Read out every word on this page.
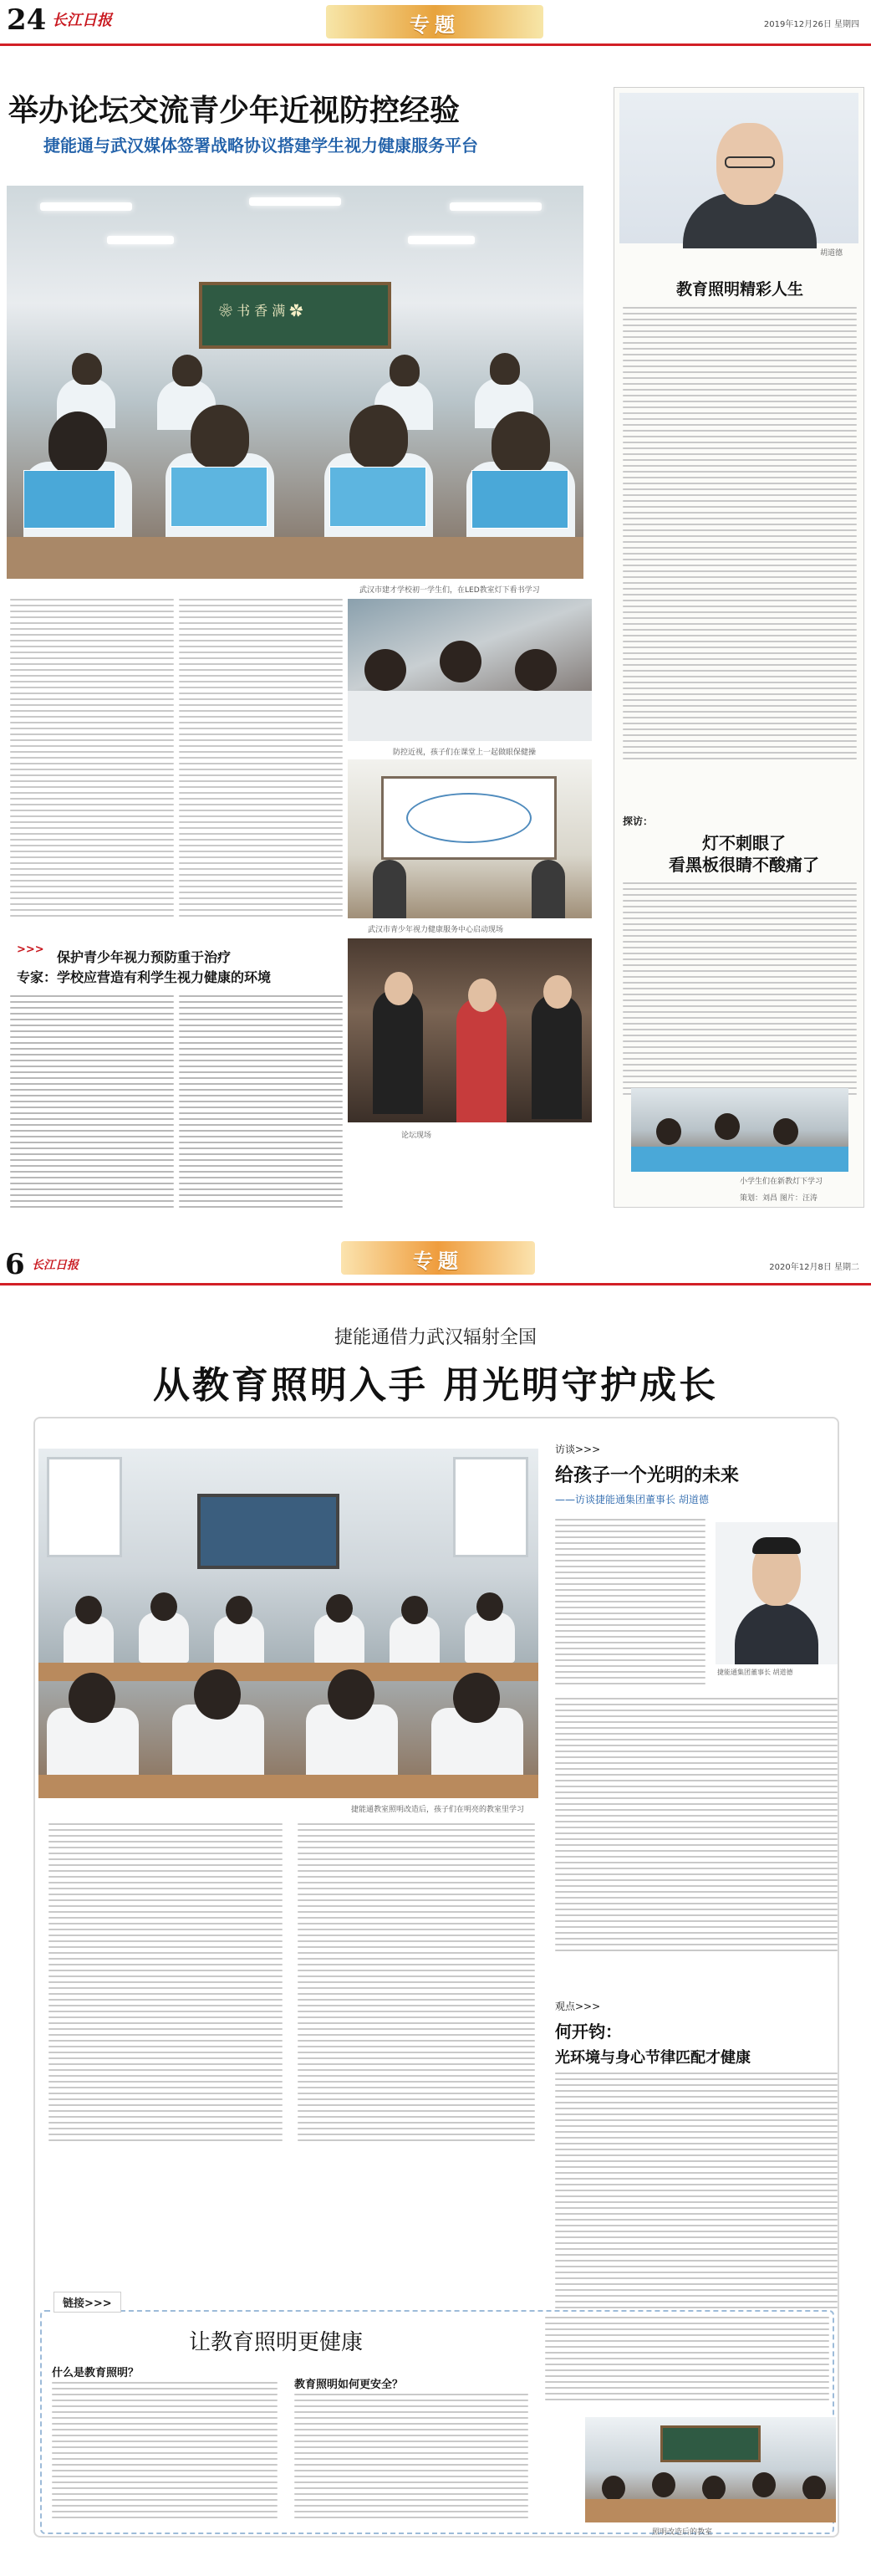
24 长江日报	专题	2019年12月26日 星期四
举办论坛交流青少年近视防控经验
捷能通与武汉媒体签署战略协议搭建学生视力健康服务平台
❀ 书 香 满 ✿
武汉市建才学校初一学生们，在LED教室灯下看书学习
防控近视，孩子们在课堂上一起做眼保健操
武汉市青少年视力健康服务中心启动现场
论坛现场
>>> 保护青少年视力预防重于治疗
专家：学校应营造有利学生视力健康的环境
胡道德
教育照明精彩人生
探访：
灯不刺眼了
看黑板很睛不酸痛了
小学生们在新教灯下学习
策划：刘昌 图片：汪涛
6 长江日报	专题	2020年12月8日 星期二
捷能通借力武汉辐射全国
从教育照明入手 用光明守护成长
捷能通教室照明改造后，孩子们在明亮的教室里学习
访谈>>>
给孩子一个光明的未来
——访谈捷能通集团董事长 胡道德
捷能通集团董事长 胡道德
观点>>>
何开钧：
光环境与身心节律匹配才健康
链接>>>
让教育照明更健康
什么是教育照明？
教育照明如何更安全？
照明改造后的教室
